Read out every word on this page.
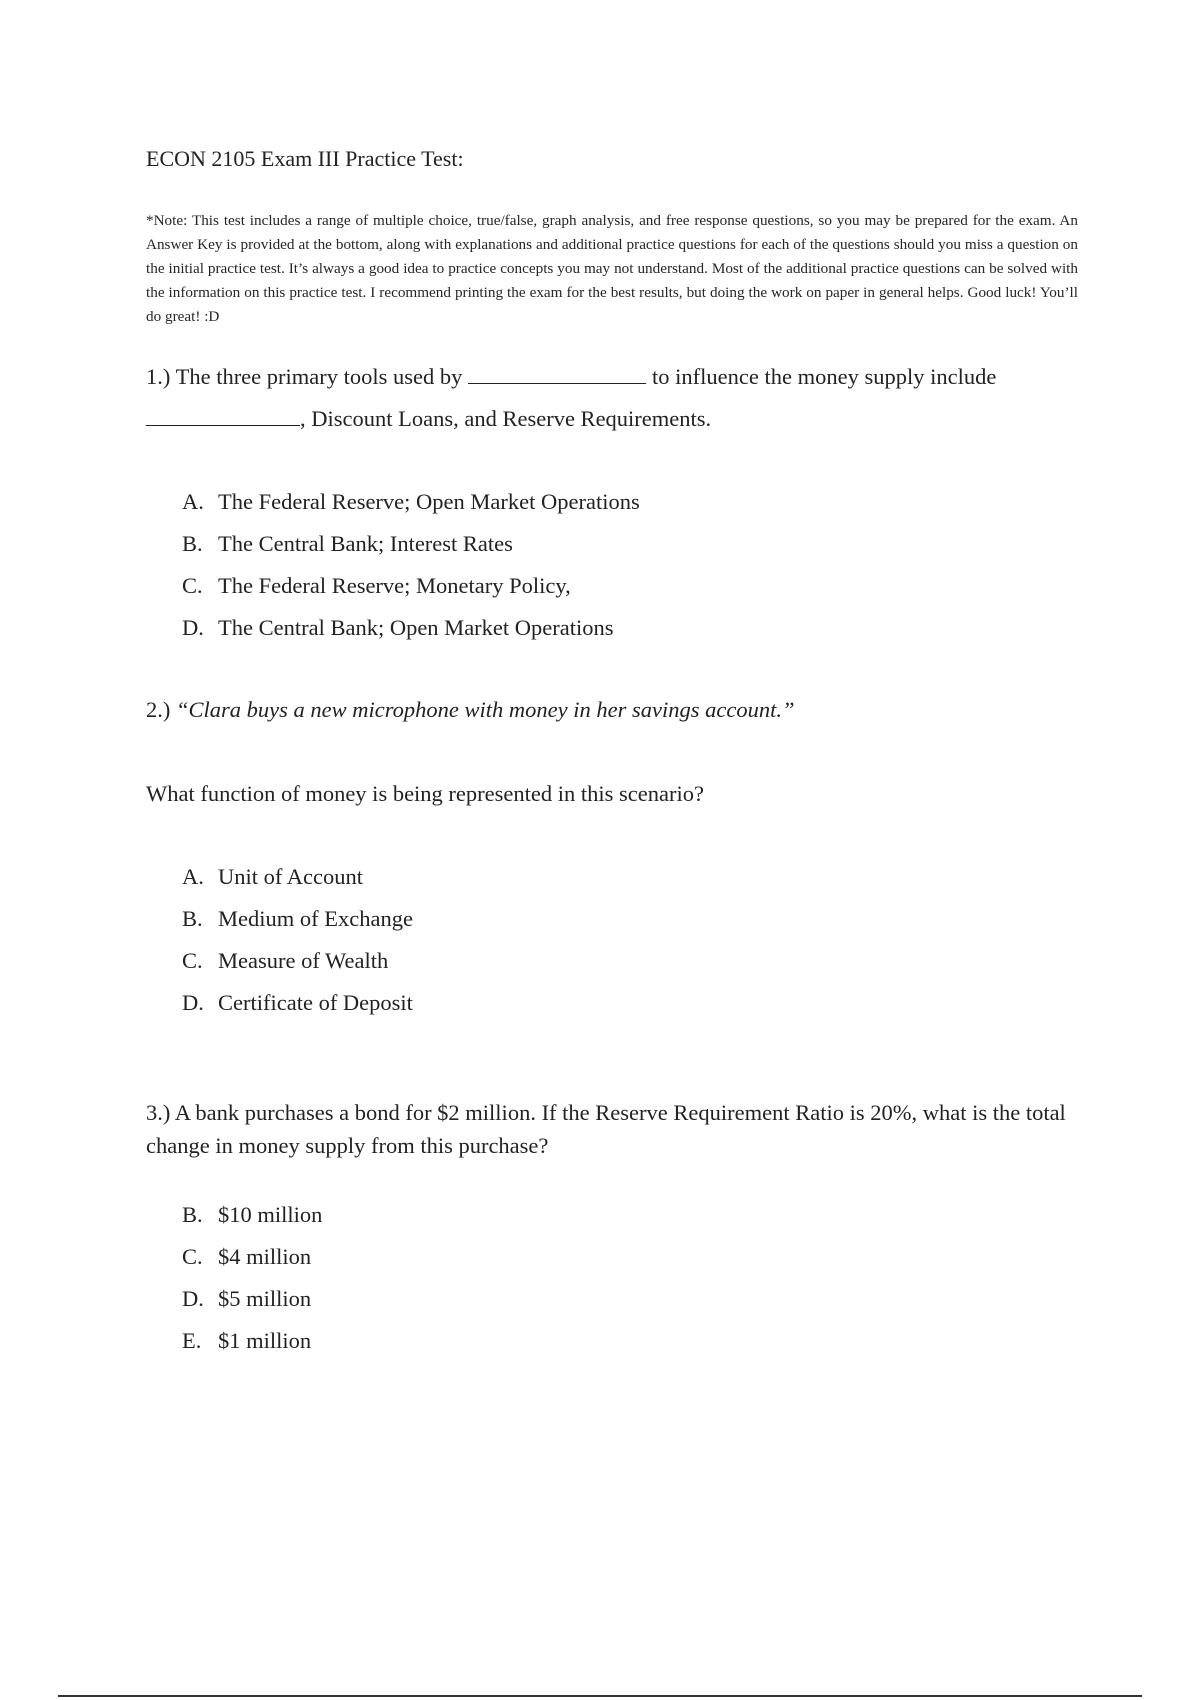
ECON 2105 Exam III Practice Test:
*Note: This test includes a range of multiple choice, true/false, graph analysis, and free response questions, so you may be prepared for the exam. An Answer Key is provided at the bottom, along with explanations and additional practice questions for each of the questions should you miss a question on the initial practice test. It’s always a good idea to practice concepts you may not understand. Most of the additional practice questions can be solved with the information on this practice test. I recommend printing the exam for the best results, but doing the work on paper in general helps. Good luck! You’ll do great! :D
1.) The three primary tools used by	to influence the money supply include
, Discount Loans, and Reserve Requirements.
A. The Federal Reserve; Open Market Operations
B. The Central Bank; Interest Rates
C. The Federal Reserve; Monetary Policy,
D. The Central Bank; Open Market Operations
2.) “Clara buys a new microphone with money in her savings account.”
What function of money is being represented in this scenario?
A. Unit of Account
B. Medium of Exchange
C. Measure of Wealth
D. Certificate of Deposit
3.) A bank purchases a bond for $2 million. If the Reserve Requirement Ratio is 20%, what is the total change in money supply from this purchase?
B. $10 million
C. $4 million
D. $5 million
E. $1 million
